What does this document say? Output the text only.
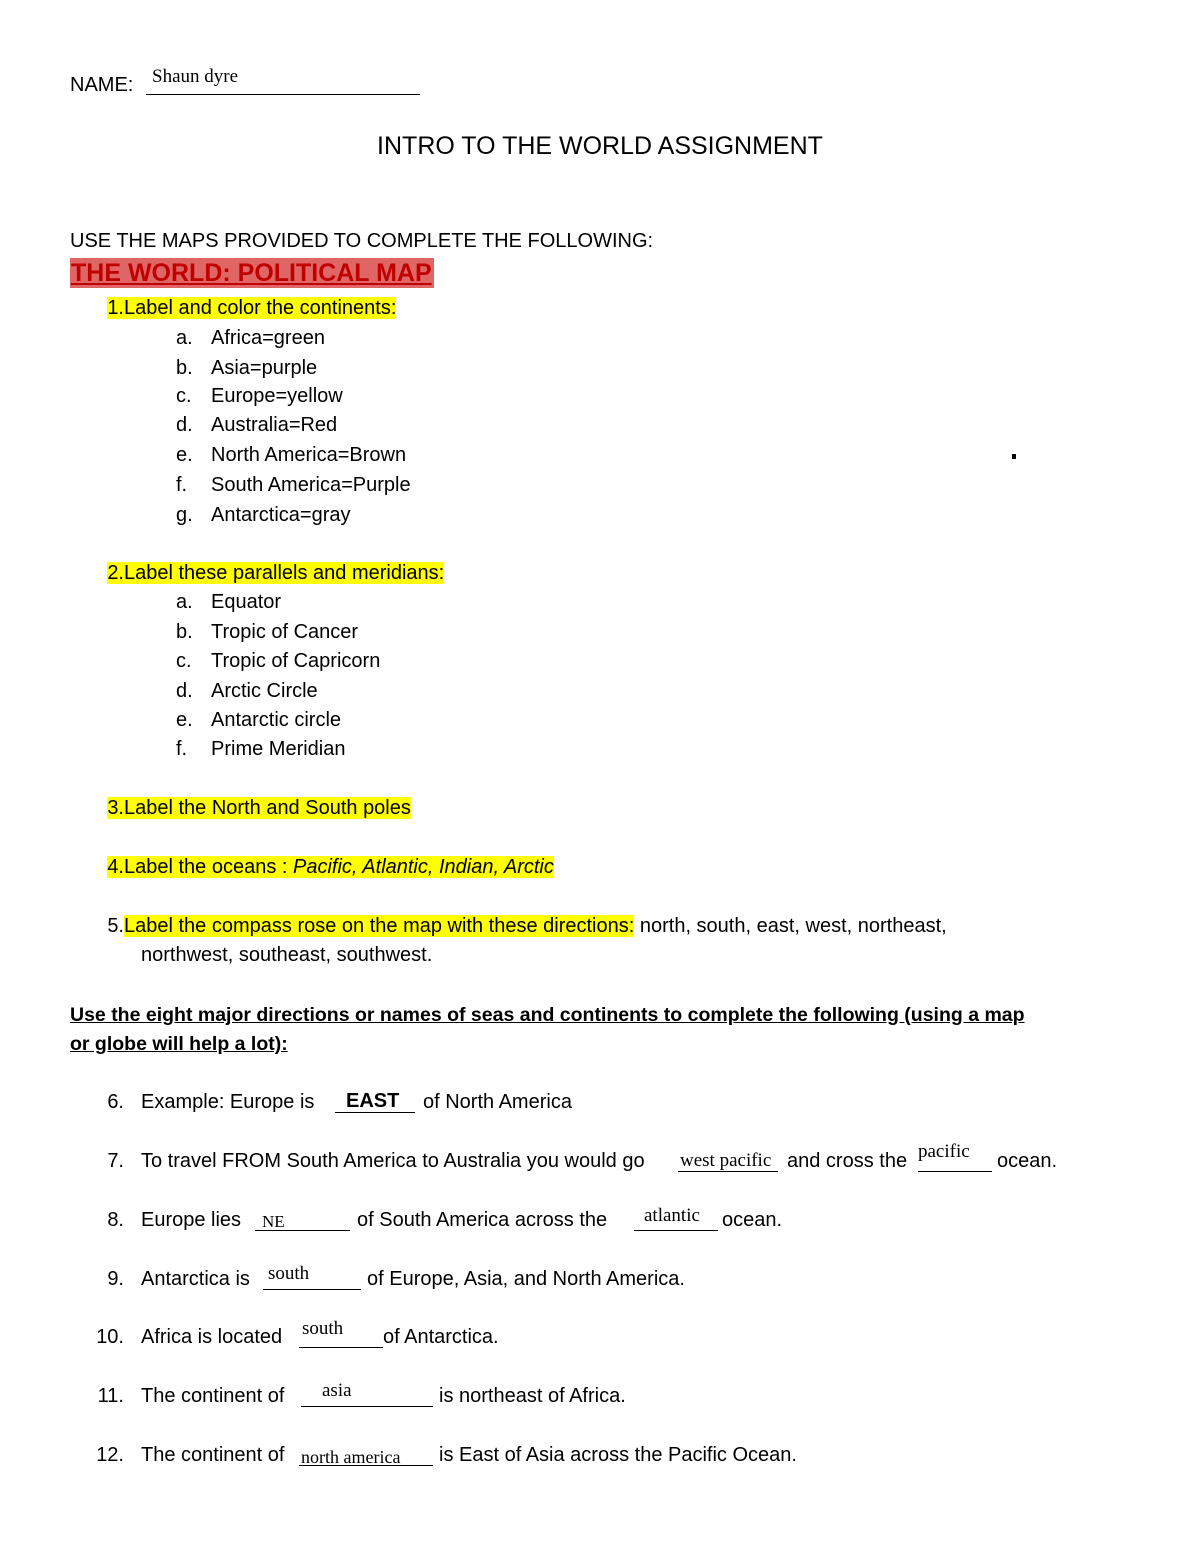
NAME: Shaun dyre
INTRO TO THE WORLD ASSIGNMENT
USE THE MAPS PROVIDED TO COMPLETE THE FOLLOWING:
THE WORLD: POLITICAL MAP
1. Label and color the continents:
a. Africa=green
b. Asia=purple
c. Europe=yellow
d. Australia=Red
e. North America=Brown
f. South America=Purple
g. Antarctica=gray
2. Label these parallels and meridians:
a. Equator
b. Tropic of Cancer
c. Tropic of Capricorn
d. Arctic Circle
e. Antarctic circle
f. Prime Meridian
3. Label the North and South poles
4. Label the oceans : Pacific, Atlantic, Indian, Arctic
5. Label the compass rose on the map with these directions: north, south, east, west, northeast,
northwest, southeast, southwest.
Use the eight major directions or names of seas and continents to complete the following (using a map
or globe will help a lot):
6. Example: Europe is EAST of North America
7. To travel FROM South America to Australia you would go west pacific and cross the pacific ocean.
8. Europe lies NE	of South America across the atlantic ocean.
9. Antarctica is south	of Europe, Asia, and North America.
10. Africa is located south of Antarctica.
11. The continent of asia	is northeast of Africa.
12. The continent of north america is East of Asia across the Pacific Ocean.
